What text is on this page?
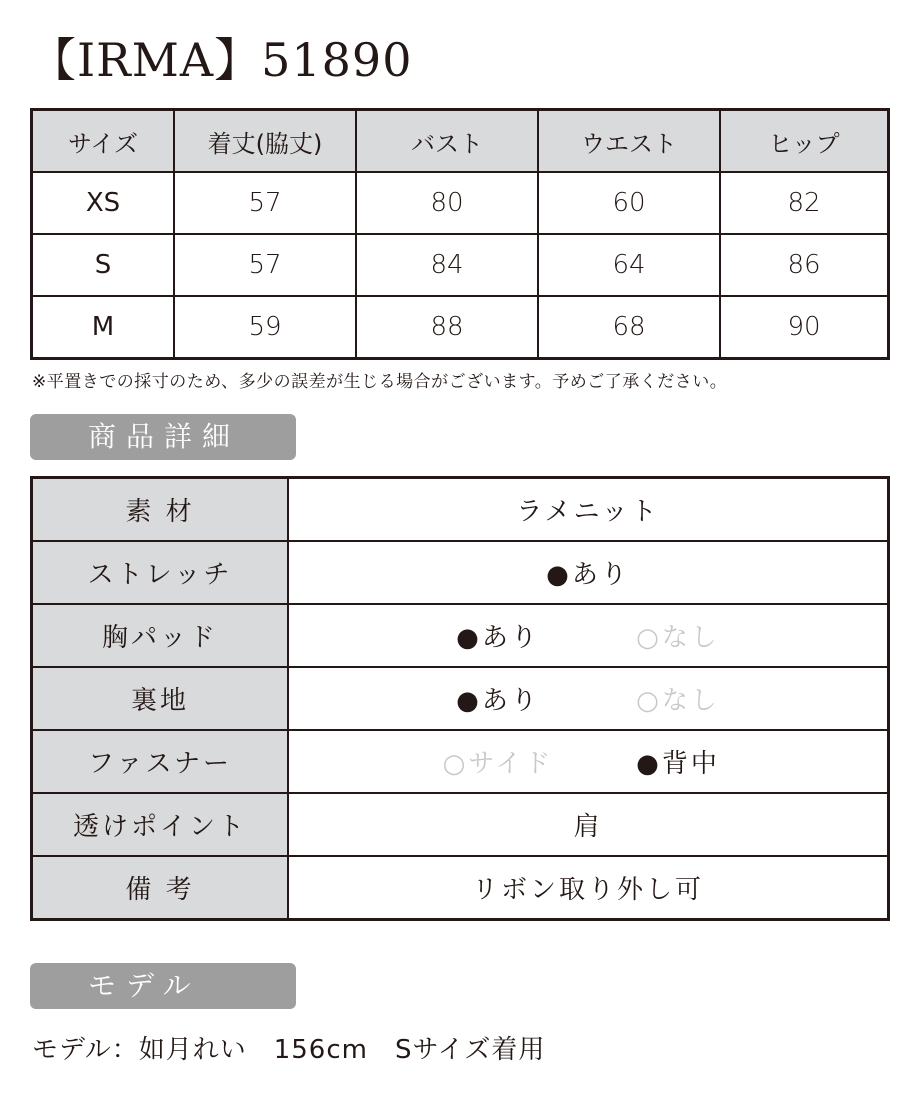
【IRMA】51890
サイズ	着丈(脇丈)	バスト	ウエスト	ヒップ
XS	57	80	60	82
S	57	84	64	86
M	59	88	68	90
※平置きでの採寸のため、多少の誤差が生じる場合がございます。予めご了承ください。
商品詳細
素 材	ラメニット
ストレッチ	●あり
胸パッド	●あり ○なし

裏地	●あり ○なし

ファスナー	○サイド ●背中

透けポイント	肩
備 考	リボン取り外し可
モデル
モデル：如月れい　156cm　Sサイズ着用
